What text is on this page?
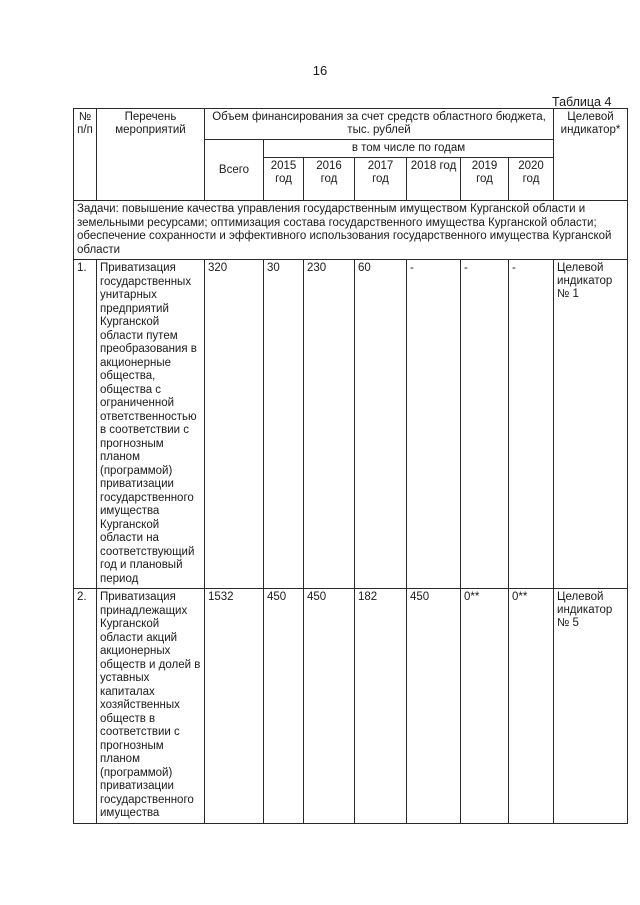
16
Таблица 4
№ п/п	Перечень мероприятий	Объем финансирования за счет средств областного бюджета, тыс. рублей							Целевой индикатор*
		Всего	в том числе по годам						
			2015 год	2016 год	2017 год	2018 год	2019 год	2020 год	
Задачи: повышение качества управления государственным имуществом Курганской области и земельными ресурсами; оптимизация состава государственного имущества Курганской области; обеспечение сохранности и эффективного использования государственного имущества Курганской области									
1.	Приватизация государственных унитарных предприятий Курганской области путем преобразования в акционерные общества, общества с ограниченной ответственностью в соответствии с прогнозным планом (программой) приватизации государственного имущества Курганской области на соответствующий год и плановый период	320	30	230	60	-	-	-	Целевой индикатор № 1
2.	Приватизация принадлежащих Курганской области акций акционерных обществ и долей в уставных капиталах хозяйственных обществ в соответствии с прогнозным планом (программой) приватизации государственного имущества	1532	450	450	182	450	0**	0**	Целевой индикатор № 5
